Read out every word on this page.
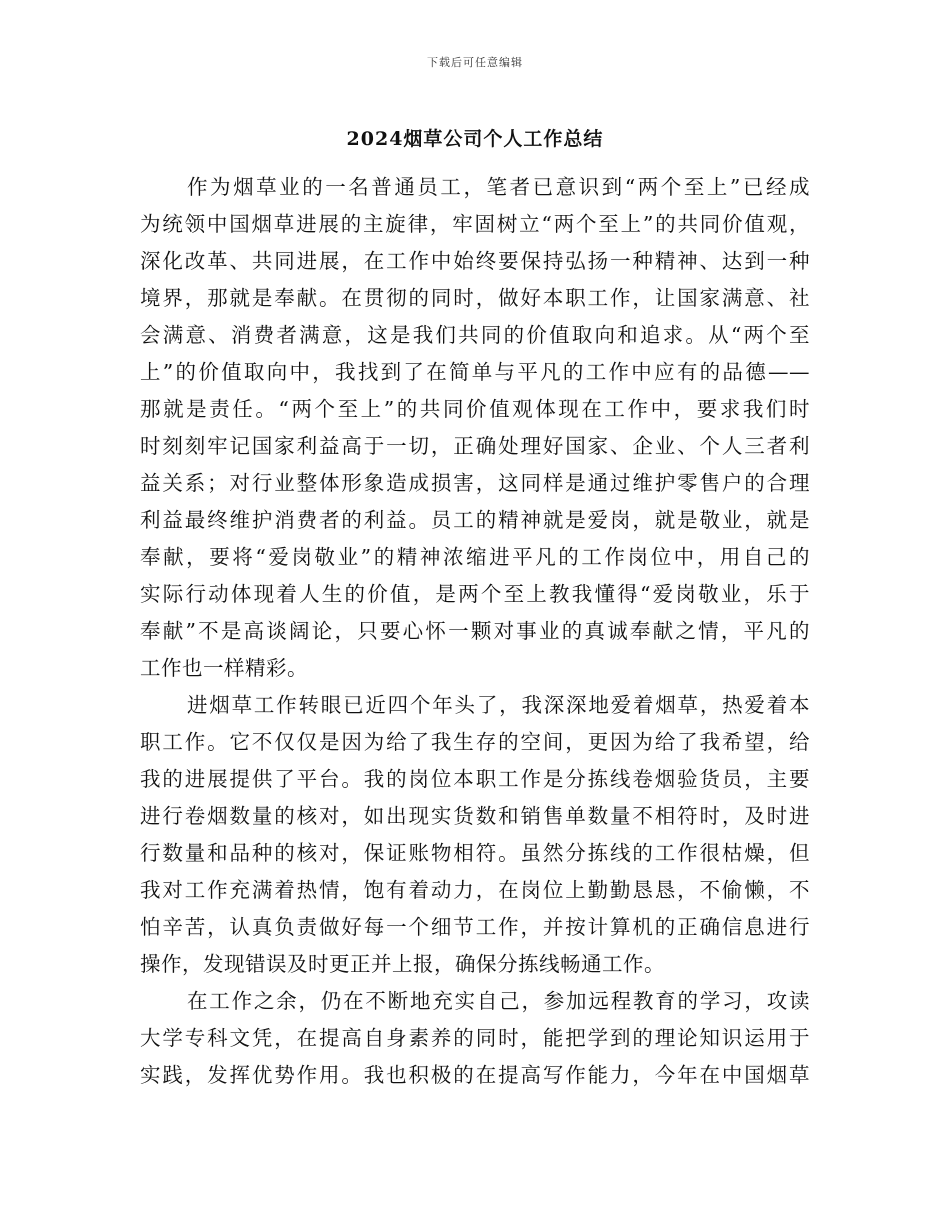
下载后可任意编辑
2024烟草公司个人工作总结

作为烟草业的一名普通员工，笔者已意识到“两个至上”已经成
为统领中国烟草进展的主旋律，牢固树立“两个至上”的共同价值观，
深化改革、共同进展，在工作中始终要保持弘扬一种精神、达到一种
境界，那就是奉献。在贯彻的同时，做好本职工作，让国家满意、社
会满意、消费者满意，这是我们共同的价值取向和追求。从“两个至
上”的价值取向中，我找到了在简单与平凡的工作中应有的品德——
那就是责任。“两个至上”的共同价值观体现在工作中，要求我们时
时刻刻牢记国家利益高于一切，正确处理好国家、企业、个人三者利
益关系；对行业整体形象造成损害，这同样是通过维护零售户的合理
利益最终维护消费者的利益。员工的精神就是爱岗，就是敬业，就是
奉献，要将“爱岗敬业”的精神浓缩进平凡的工作岗位中，用自己的
实际行动体现着人生的价值，是两个至上教我懂得“爱岗敬业，乐于
奉献”不是高谈阔论，只要心怀一颗对事业的真诚奉献之情，平凡的
工作也一样精彩。

进烟草工作转眼已近四个年头了，我深深地爱着烟草，热爱着本
职工作。它不仅仅是因为给了我生存的空间，更因为给了我希望，给
我的进展提供了平台。我的岗位本职工作是分拣线卷烟验货员，主要
进行卷烟数量的核对，如出现实货数和销售单数量不相符时，及时进
行数量和品种的核对，保证账物相符。虽然分拣线的工作很枯燥，但
我对工作充满着热情，饱有着动力，在岗位上勤勤恳恳，不偷懒，不
怕辛苦，认真负责做好每一个细节工作，并按计算机的正确信息进行
操作，发现错误及时更正并上报，确保分拣线畅通工作。

在工作之余，仍在不断地充实自己，参加远程教育的学习，攻读
大学专科文凭，在提高自身素养的同时，能把学到的理论知识运用于
实践，发挥优势作用。我也积极的在提高写作能力，今年在中国烟草
